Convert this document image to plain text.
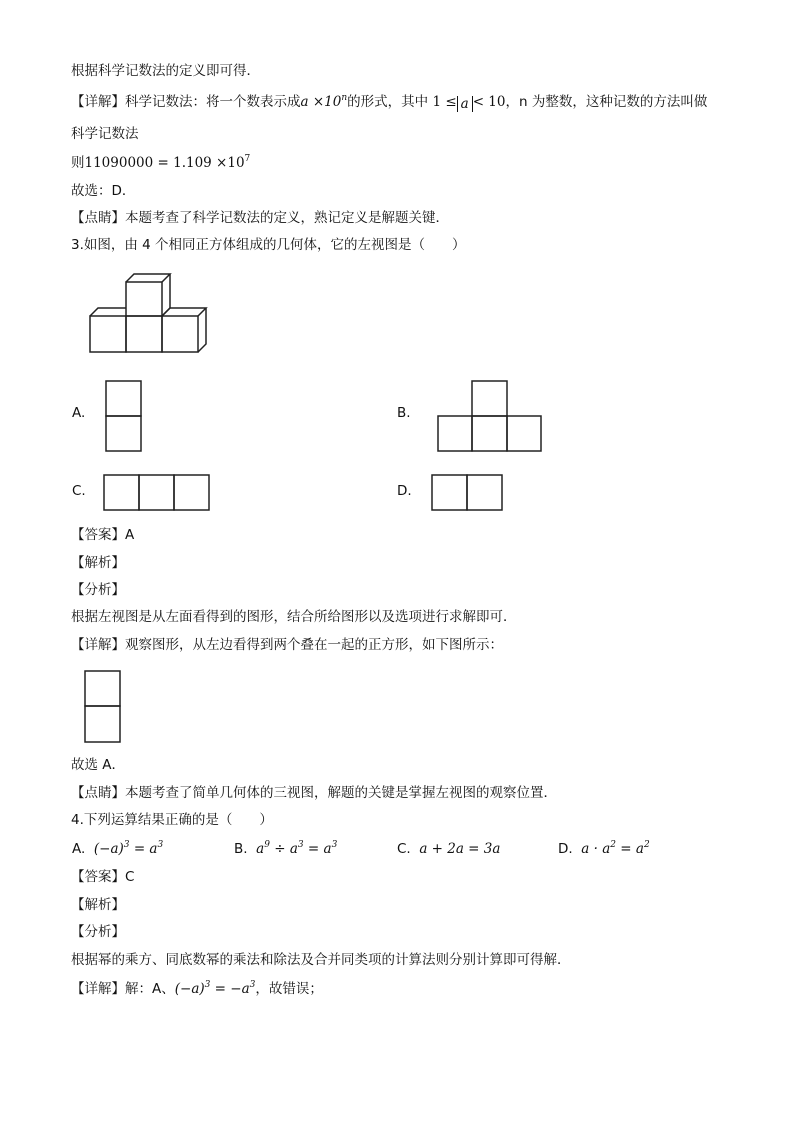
根据科学记数法的定义即可得．
【详解】科学记数法：将一个数表示成$a \times 10^n$的形式，其中 1 ≤ a < 10，n 为整数，这种记数的方法叫做
科学记数法
则$11090000 = 1.109 \times 10^7$
故选：D．
【点睛】本题考查了科学记数法的定义，熟记定义是解题关键．
3.如图，由 4 个相同正方体组成的几何体，它的左视图是（　　）
A.	B.
C.	D.
【答案】A
【解析】
【分析】
根据左视图是从左面看得到的图形，结合所给图形以及选项进行求解即可．
【详解】观察图形，从左边看得到两个叠在一起的正方形，如下图所示：
故选 A．
【点睛】本题考查了简单几何体的三视图，解题的关键是掌握左视图的观察位置．
4.下列运算结果正确的是（　　）
A. $(-a)^3 = a^3$	B. $a^9 \div a^3 = a^3$	C. a + 2a = 3a	D. $a \cdot a^2 = a^2$
【答案】C
【解析】
【分析】
根据幂的乘方、同底数幂的乘法和除法及合并同类项的计算法则分别计算即可得解．
【详解】解：A、$(-a)^3 = -a^3$，故错误；
